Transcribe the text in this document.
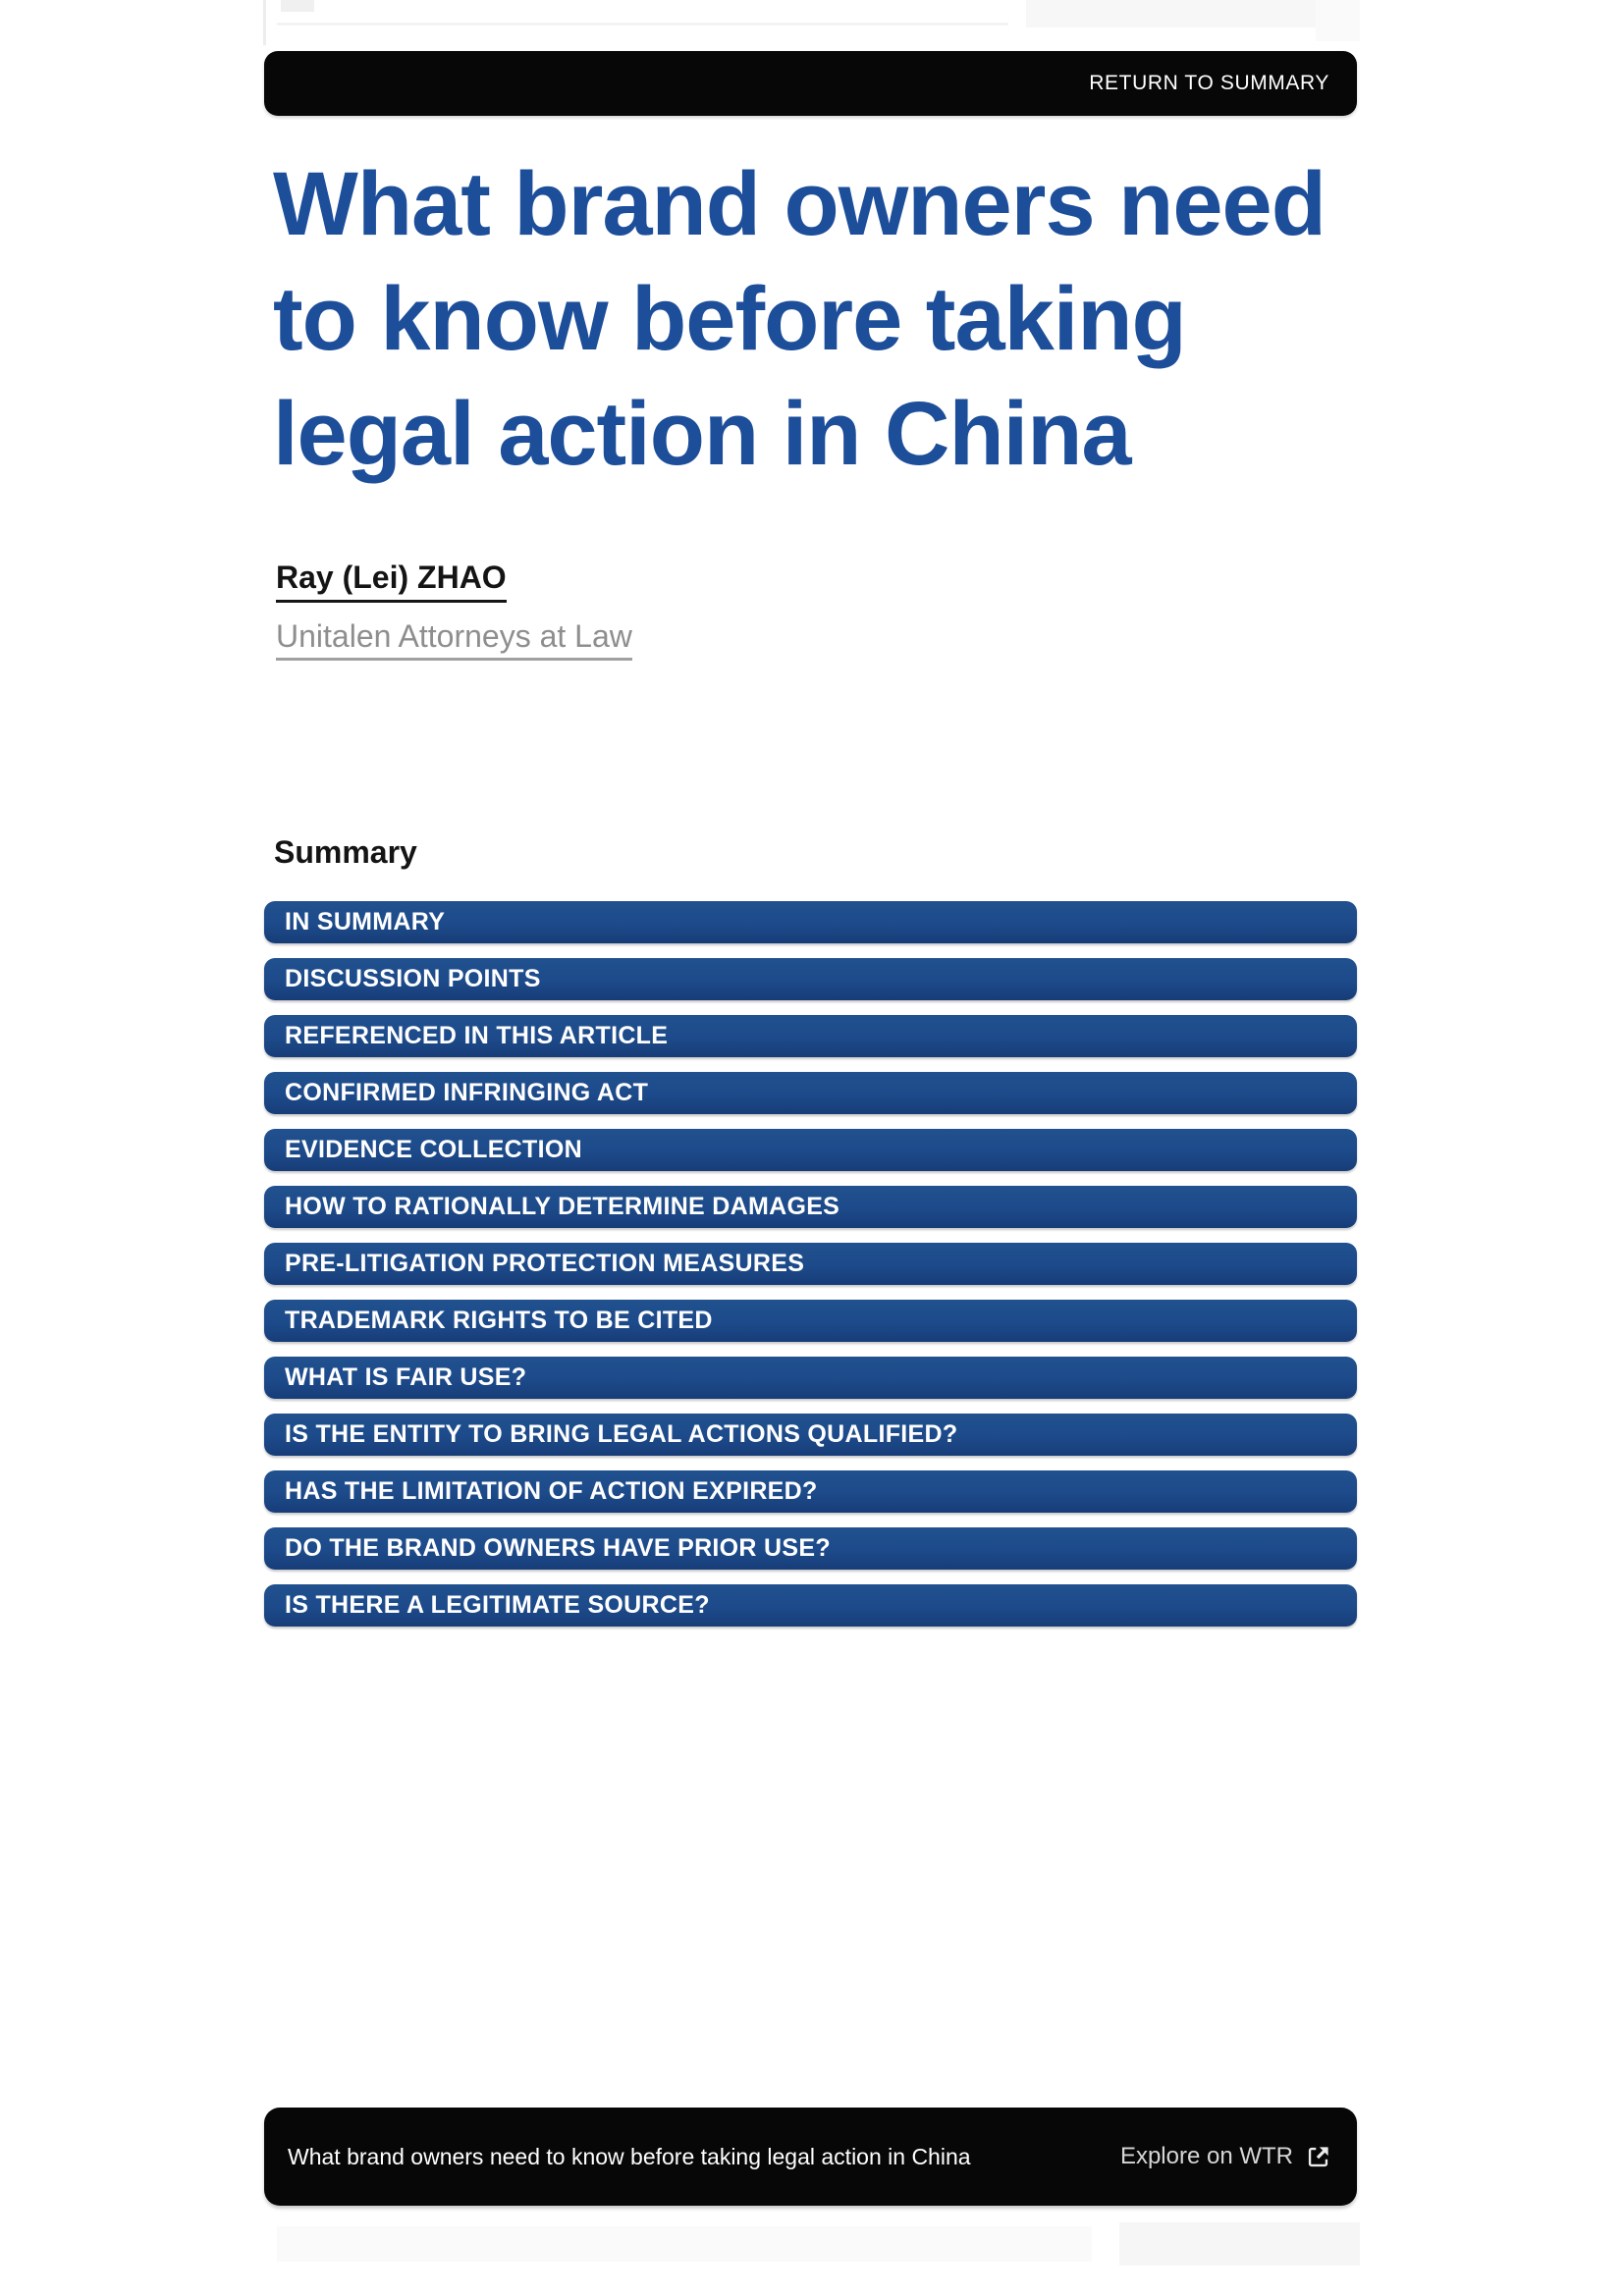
RETURN TO SUMMARY
What brand owners need
to know before taking
legal action in China
Ray (Lei) ZHAO
Unitalen Attorneys at Law
Summary
IN SUMMARY
DISCUSSION POINTS
REFERENCED IN THIS ARTICLE
CONFIRMED INFRINGING ACT
EVIDENCE COLLECTION
HOW TO RATIONALLY DETERMINE DAMAGES
PRE-LITIGATION PROTECTION MEASURES
TRADEMARK RIGHTS TO BE CITED
WHAT IS FAIR USE?
IS THE ENTITY TO BRING LEGAL ACTIONS QUALIFIED?
HAS THE LIMITATION OF ACTION EXPIRED?
DO THE BRAND OWNERS HAVE PRIOR USE?
IS THERE A LEGITIMATE SOURCE?
What brand owners need to know before taking legal action in China	Explore on WTR
